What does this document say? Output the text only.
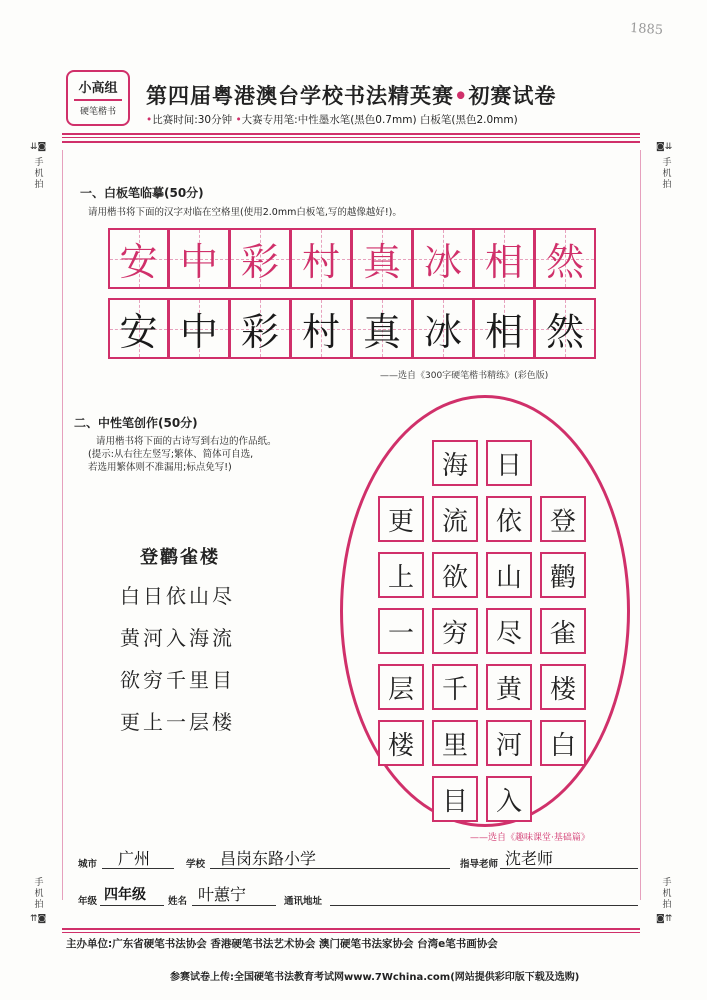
1885
小高组
硬笔楷书
第四届粤港澳台学校书法精英赛•初赛试卷
•比赛时间:30分钟 •大赛专用笔:中性墨水笔(黑色0.7mm) 白板笔(黑色2.0mm)
⇊◙
手机拍
◙⇊
手机拍
手机拍
⇈◙
手机拍
◙⇈
一、白板笔临摹(50分)
请用楷书将下面的汉字对临在空格里(使用2.0mm白板笔,写的越像越好!)。
安 中 彩 村 真 冰 相 然
安 中 彩 村 真 冰 相 然
——选自《300字硬笔楷书精练》(彩色版)
二、中性笔创作(50分)
请用楷书将下面的古诗写到右边的作品纸。
(提示:从右往左竖写;繁体、简体可自选,
若选用繁体则不准漏用;标点免写!)
登鹳雀楼
白日依山尽
黄河入海流
欲穷千里目
更上一层楼
登
鹳
雀
楼
白
日
依
山
尽
黄
河
入
海
流
欲
穷
千
里
目
更
上
一
层
楼
——选自《趣味课堂·基础篇》
城市 广州	学校 昌岗东路小学	指导老师 沈老师
年级 四年级 姓名 叶蕙宁	通讯地址
主办单位:广东省硬笔书法协会 香港硬笔书法艺术协会 澳门硬笔书法家协会 台湾e笔书画协会
参赛试卷上传:全国硬笔书法教育考试网www.7Wchina.com(网站提供彩印版下载及选购)
